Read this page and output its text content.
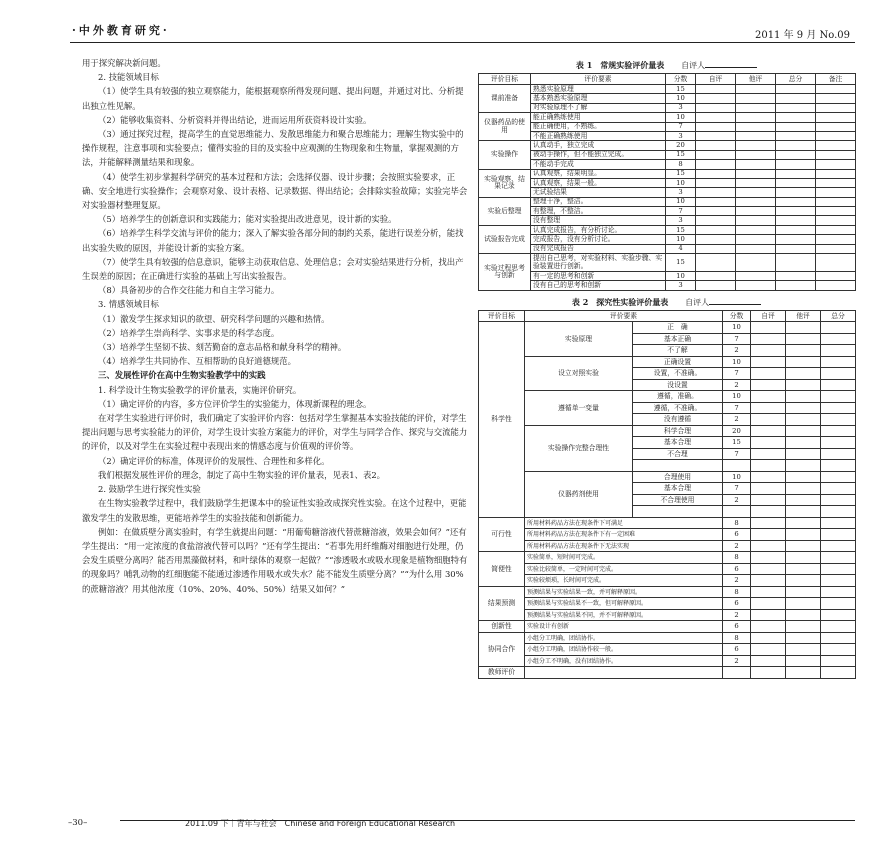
·中外教育研究·	2011 年 9 月 No.09

用于探究解决新问题。

2. 技能领域目标

（1）使学生具有较强的独立观察能力，能根据观察所得发现问题、提出问题，并通过对比、分析提出独立性见解。

（2）能够收集资料、分析资料并得出结论，进而运用所获资料设计实验。

（3）通过探究过程，提高学生的直觉思维能力、发散思维能力和聚合思维能力；理解生物实验中的操作规程，注意事项和实验要点；懂得实验的目的及实验中应观测的生物现象和生物量，掌握观测的方法，并能解释测量结果和现象。

（4）使学生初步掌握科学研究的基本过程和方法；会选择仪器、设计步骤；会按照实验要求，正确、安全地进行实验操作；会观察对象、设计表格、记录数据、得出结论；会排除实验故障；实验完毕会对实验器材整理复原。

（5）培养学生的创新意识和实践能力；能对实验提出改进意见，设计新的实验。

（6）培养学生科学交流与评价的能力；深入了解实验各部分间的制约关系，能进行误差分析，能找出实验失败的原因，并能设计新的实验方案。

（7）使学生具有较强的信息意识，能够主动获取信息、处理信息；会对实验结果进行分析，找出产生误差的原因；在正确进行实验的基础上写出实验报告。

（8）具备初步的合作交往能力和自主学习能力。

3. 情感领域目标

（1）激发学生探求知识的欲望、研究科学问题的兴趣和热情。

（2）培养学生崇尚科学、实事求是的科学态度。

（3）培养学生坚韧不拔、刻苦勤奋的意志品格和献身科学的精神。

（4）培养学生共同协作、互相帮助的良好道德规范。

三、发展性评价在高中生物实验教学中的实践

1. 科学设计生物实验教学的评价量表，实施评价研究。

（1）确定评价的内容，多方位评价学生的实验能力，体现新课程的理念。

在对学生实验进行评价时，我们确定了实验评价内容：包括对学生掌握基本实验技能的评价，对学生提出问题与思考实验能力的评价，对学生设计实验方案能力的评价，对学生与同学合作、探究与交流能力的评价，以及对学生在实验过程中表现出来的情感态度与价值观的评价等。

（2）确定评价的标准，体现评价的发展性、合理性和多样化。

我们根据发展性评价的理念，制定了高中生物实验的评价量表，见表1、表2。

2. 鼓励学生进行探究性实验

在生物实验教学过程中，我们鼓励学生把课本中的验证性实验改成探究性实验。在这个过程中，更能激发学生的发散思维，更能培养学生的实验技能和创新能力。

例如：在做质壁分离实验时，有学生就提出问题：“用葡萄糖溶液代替蔗糖溶液，效果会如何？”还有学生提出：“用一定浓度的食盐溶液代替可以吗？”还有学生提出：“若事先用纤维酶对细胞进行处理，仍会发生质壁分离吗？能否用黑藻做材料，和叶绿体的观察一起做？”“渗透吸水或吸水现象是植物细胞特有的现象吗？哺乳动物的红细胞能不能通过渗透作用吸水或失水？能不能发生质壁分离？”“为什么用 30% 的蔗糖溶液？用其他浓度（10%、20%、40%、50%）结果又如何？”

表 1　常规实验评价量表 自评人
评价目标	评价要素	分数	自评	他评	总分	备注
课前准备	熟悉实验原理	15				
	基本熟悉实验原理	10				
	对实验原理不了解	3				
仪器药品的使用	能正确熟练使用	10				
	能正确使用，不熟练。	7				
	不能正确熟练使用	3				
实验操作	认真动手，独立完成	20				
	被动手操作，但不能独立完成。	15				
	不能动手完成	8				
实验观察、结果记录	认真观察，结果明显。	15				
	认真观察，结果一般。	10				
	无试验结果	3				
实验后整理	整理干净，整洁。	10				
	有整理，不整洁。	7				
	没有整理	3				
试验报告完成	认真完成报告，有分析讨论。	15				
	完成报告，没有分析讨论。	10				
	没有完成报告	4				
实验过程思考与创新	提出自己思考，对实验材料、实验步骤、实验装置进行创新。	15				
	有一定的思考和创新	10				
	没有自己的思考和创新	3				
表 2　探究性实验评价量表 自评人
评价目标	评价要素		分数	自评	他评	总分
科学性	实验原理	正　确	10			
		基本正确	7			
		不了解	2			
	设立对照实验	正确设置	10			
		设置，不准确。	7			
		没设置	2			
	遵循单一变量	遵循，准确。	10			
		遵循，不准确。	7			
		没有遵循	2			
	实验操作完整合理性	科学合理	20			
		基本合理	15			
		不合理	7			

	仪器药剂使用	合理使用	10			
		基本合理	7			
		不合理使用	2			

可行性	所用材料药品方法在现条件下可满足		8			
	所用材料药品方法在现条件下有一定困难		6			
	所用材料药品方法在现条件下无法实现		2			
简便性	实验简单，短时间可完成。		8			
	实验比较简单，一定时间可完成。		6			
	实验较烦琐，长时间可完成。		2			
结果预测	预测结果与实验结果一致，并可解释原因。		8			
	预测结果与实验结果不一致，但可解释原因。		6			
	预测结果与实验结果不同，并不可解释原因。		2			
创新性	实验设计有创新		6			
协同合作	小组分工明确，团结协作。		8			
	小组分工明确，团结协作较一般。		6			
	小组分工不明确，没有团结协作。		2			
教师评价						
–30–	2011.09 下｜青年与社会　Chinese and Foreign Educational Research
